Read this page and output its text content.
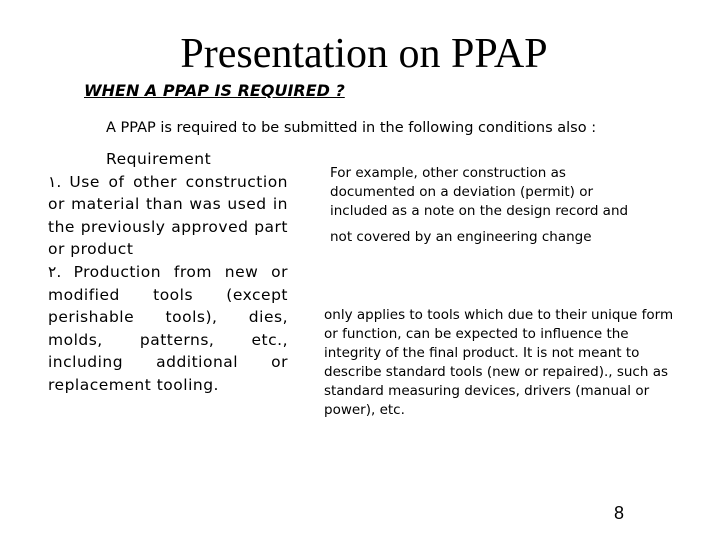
Presentation on PPAP
WHEN A PPAP IS REQUIRED ?
A PPAP is required to be submitted in the following conditions also :
Requirement
١. Use of other construction or material than was used in the previously approved part or product
٢. Production from new or modified tools (except perishable tools), dies, molds, patterns, etc., including additional or replacement tooling.
For example, other construction as
documented on a deviation (permit) or
included as a note on the design record and
not covered by an engineering change
only applies to tools which due to their unique form or function, can be expected to influence the integrity of the final product. It is not meant to describe standard tools (new or repaired)., such as standard measuring devices, drivers (manual or power), etc.
8
